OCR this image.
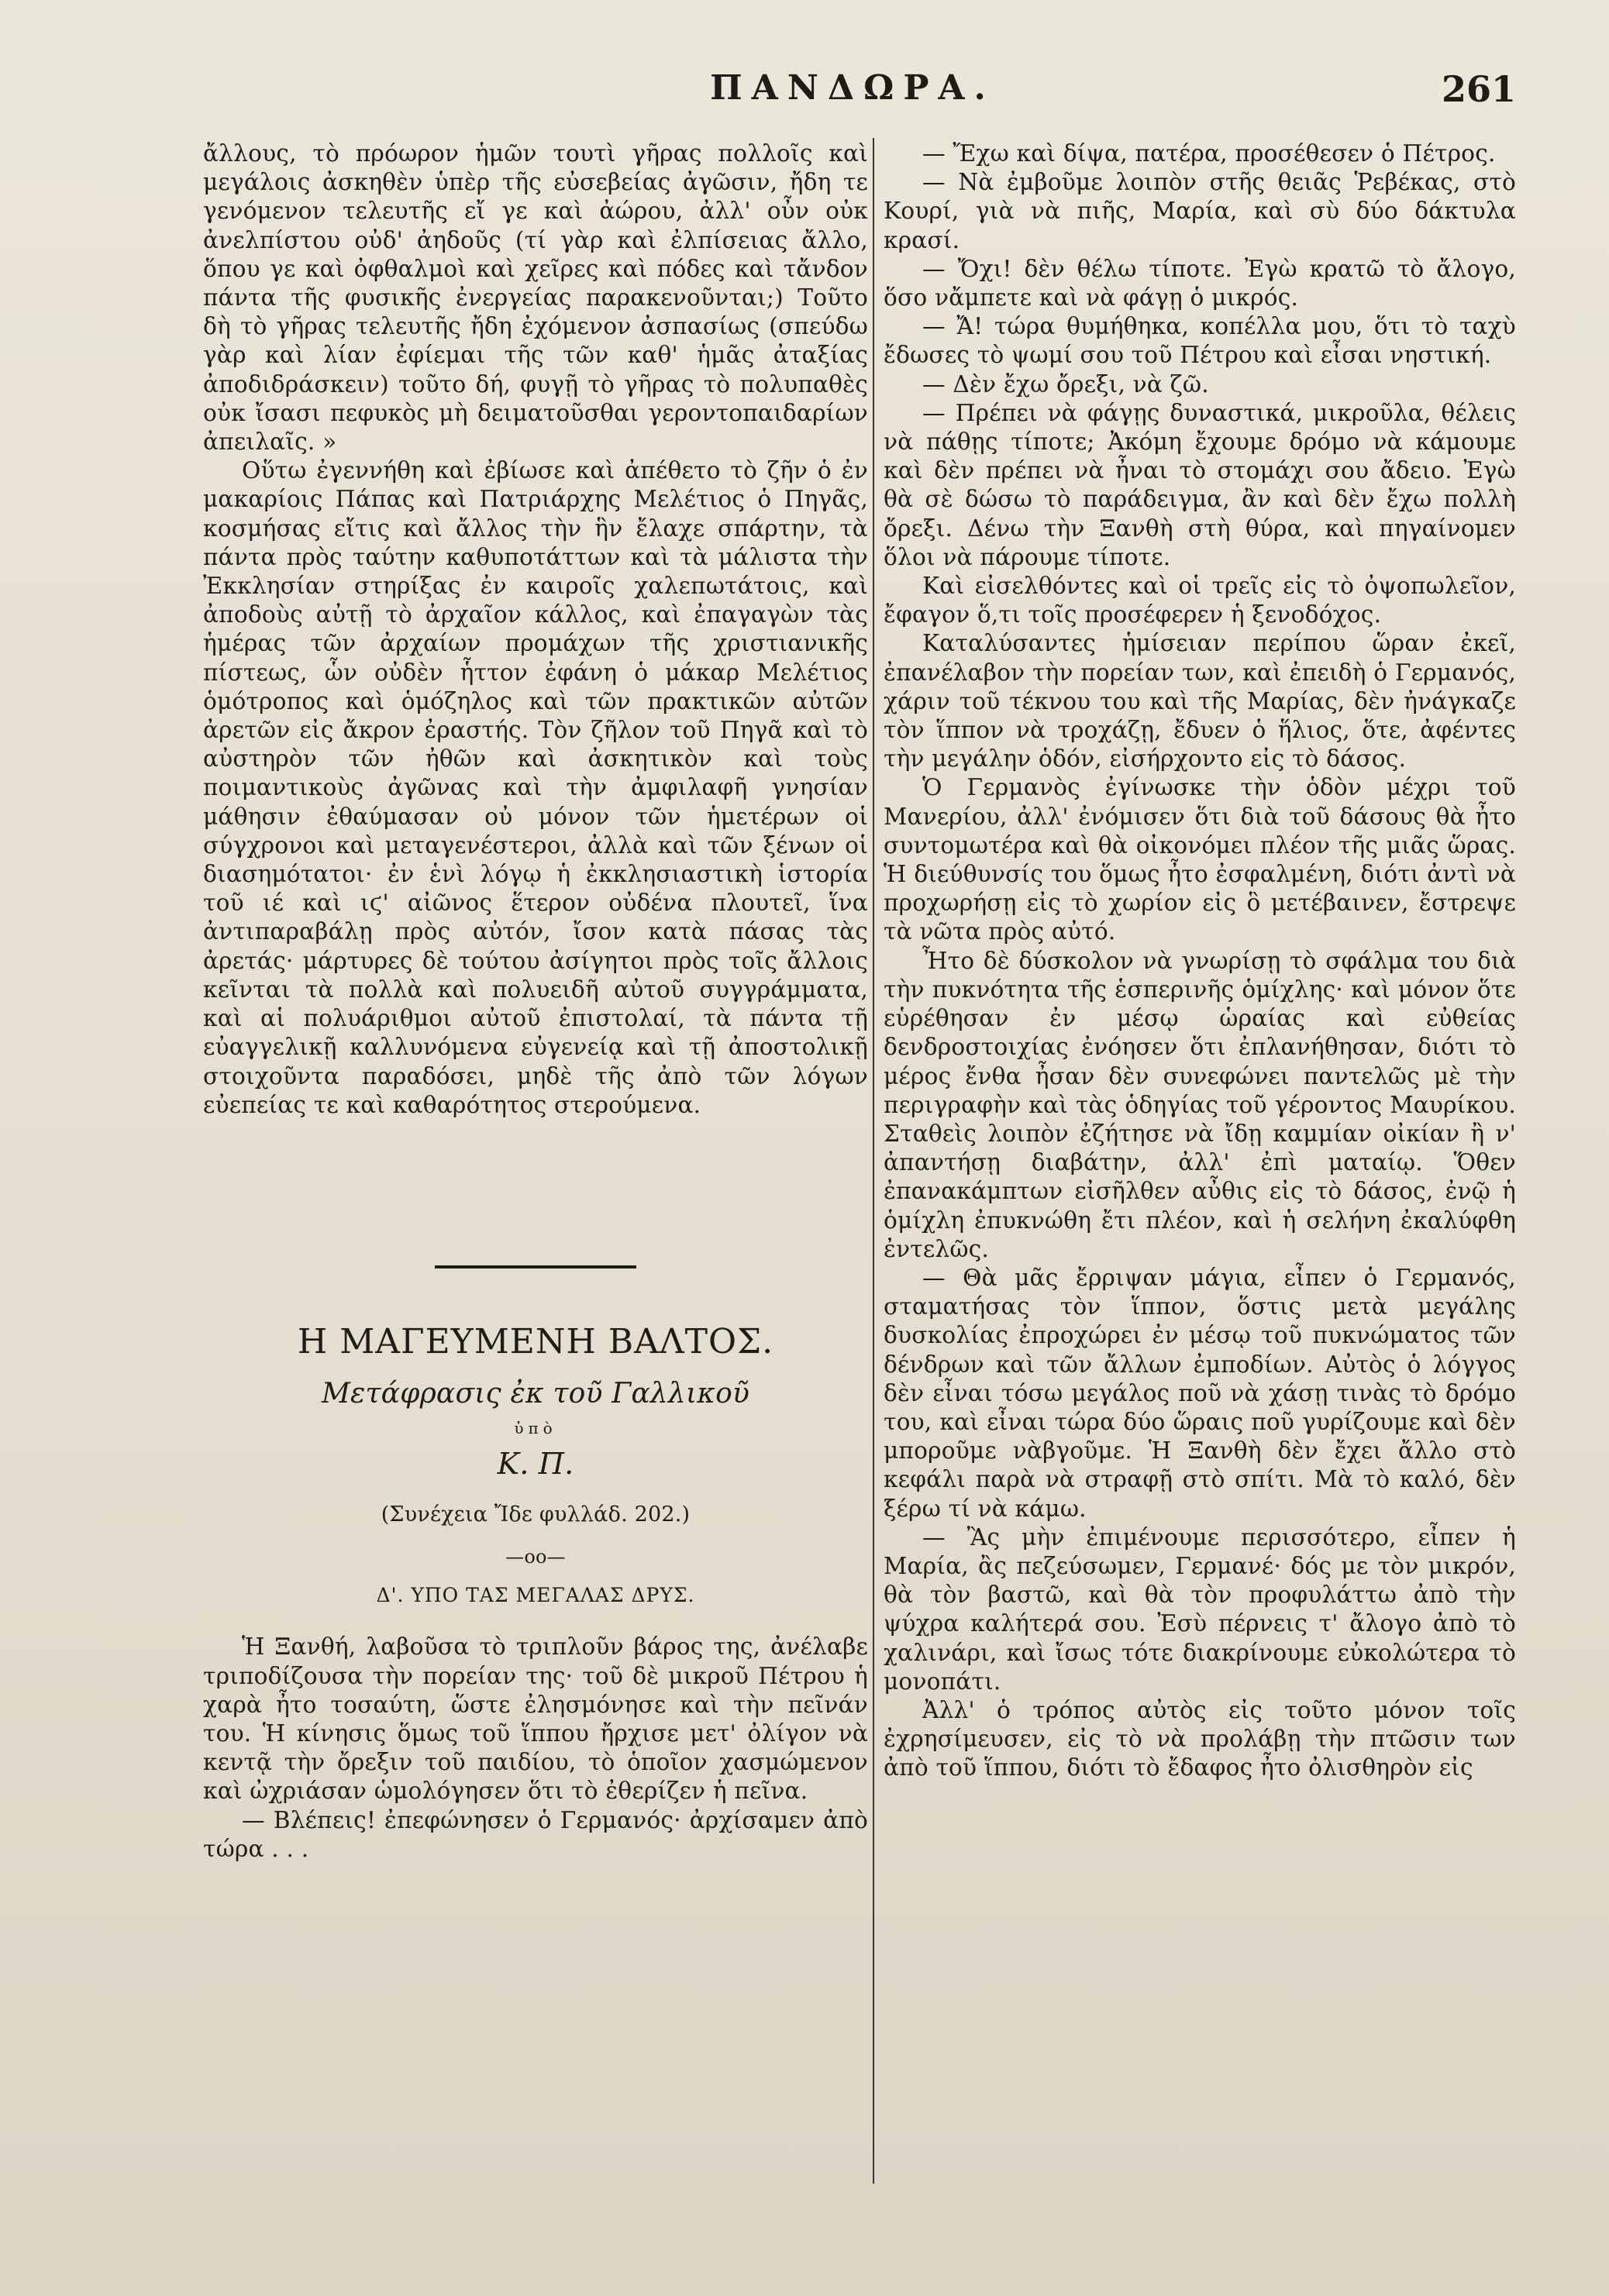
ΠΑΝΔΩΡΑ.	261

ἄλλους, τὸ πρόωρον ἡμῶν τουτὶ γῆρας πολλοῖς καὶ μεγάλοις ἀσκηθὲν ὑπὲρ τῆς εὐσεβείας ἀγῶσιν, ἤδη τε γενόμενον τελευτῆς εἴ γε καὶ ἀώρου, ἀλλ' οὖν οὐκ ἀνελπίστου οὐδ' ἀηδοῦς (τί γὰρ καὶ ἐλπίσειας ἄλλο, ὅπου γε καὶ ὀφθαλμοὶ καὶ χεῖρες καὶ πόδες καὶ τἄνδον πάντα τῆς φυσικῆς ἐνεργείας παρακενοῦνται;) Τοῦτο δὴ τὸ γῆρας τελευτῆς ἤδη ἐχόμενον ἀσπασίως (σπεύδω γὰρ καὶ λίαν ἐφίεμαι τῆς τῶν καθ' ἡμᾶς ἀταξίας ἀποδιδράσκειν) τοῦτο δή, φυγῇ τὸ γῆρας τὸ πολυπαθὲς οὐκ ἴσασι πεφυκὸς μὴ δειματοῦσθαι γεροντοπαιδαρίων ἀπειλαῖς. »

Οὕτω ἐγεννήθη καὶ ἐβίωσε καὶ ἀπέθετο τὸ ζῆν ὁ ἐν μακαρίοις Πάπας καὶ Πατριάρχης Μελέτιος ὁ Πηγᾶς, κοσμήσας εἴτις καὶ ἄλλος τὴν ἣν ἔλαχε σπάρτην, τὰ πάντα πρὸς ταύτην καθυποτάττων καὶ τὰ μάλιστα τὴν Ἐκκλησίαν στηρίξας ἐν καιροῖς χαλεπωτάτοις, καὶ ἀποδοὺς αὐτῇ τὸ ἀρχαῖον κάλλος, καὶ ἐπαγαγὼν τὰς ἡμέρας τῶν ἀρχαίων προμάχων τῆς χριστιανικῆς πίστεως, ὧν οὐδὲν ἧττον ἐφάνη ὁ μάκαρ Μελέτιος ὁμότροπος καὶ ὁμόζηλος καὶ τῶν πρακτικῶν αὐτῶν ἀρετῶν εἰς ἄκρον ἐραστής. Τὸν ζῆλον τοῦ Πηγᾶ καὶ τὸ αὐστηρὸν τῶν ἠθῶν καὶ ἀσκητικὸν καὶ τοὺς ποιμαντικοὺς ἀγῶνας καὶ τὴν ἀμφιλαφῆ γνησίαν μάθησιν ἐθαύμασαν οὐ μόνον τῶν ἡμετέρων οἱ σύγχρονοι καὶ μεταγενέστεροι, ἀλλὰ καὶ τῶν ξένων οἱ διασημότατοι· ἐν ἑνὶ λόγῳ ἡ ἐκκλησιαστικὴ ἱστορία τοῦ ιέ καὶ ιϛ' αἰῶνος ἕτερον οὐδένα πλουτεῖ, ἵνα ἀντιπαραβάλῃ πρὸς αὐτόν, ἴσον κατὰ πάσας τὰς ἀρετάς· μάρτυρες δὲ τούτου ἀσίγητοι πρὸς τοῖς ἄλλοις κεῖνται τὰ πολλὰ καὶ πολυειδῆ αὐτοῦ συγγράμματα, καὶ αἱ πολυάριθμοι αὐτοῦ ἐπιστολαί, τὰ πάντα τῇ εὐαγγελικῇ καλλυνόμενα εὐγενείᾳ καὶ τῇ ἀποστολικῇ στοιχοῦντα παραδόσει, μηδὲ τῆς ἀπὸ τῶν λόγων εὐεπείας τε καὶ καθαρότητος στερούμενα.

Η ΜΑΓΕΥΜΕΝΗ ΒΑΛΤΟΣ.
Μετάφρασις ἐκ τοῦ Γαλλικοῦ
ὑπὸ
Κ. Π.
(Συνέχεια Ἴδε φυλλάδ. 202.)
—οο—
Δ'. ΥΠΟ ΤΑΣ ΜΕΓΑΛΑΣ ΔΡΥΣ.

Ἡ Ξανθή, λαβοῦσα τὸ τριπλοῦν βάρος της, ἀνέλαβε τριποδίζουσα τὴν πορείαν της· τοῦ δὲ μικροῦ Πέτρου ἡ χαρὰ ἦτο τοσαύτη, ὥστε ἐλησμόνησε καὶ τὴν πεῖνάν του. Ἡ κίνησις ὅμως τοῦ ἵππου ἤρχισε μετ' ὀλίγον νὰ κεντᾷ τὴν ὄρεξιν τοῦ παιδίου, τὸ ὁποῖον χασμώμενον καὶ ὠχριάσαν ὡμολόγησεν ὅτι τὸ ἐθερίζεν ἡ πεῖνα.

— Βλέπεις! ἐπεφώνησεν ὁ Γερμανός· ἀρχίσαμεν ἀπὸ τώρα . . .

— Ἔχω καὶ δίψα, πατέρα, προσέθεσεν ὁ Πέτρος.

— Νὰ ἐμβοῦμε λοιπὸν στῆς θειᾶς Ῥεβέκας, στὸ Κουρί, γιὰ νὰ πιῆς, Μαρία, καὶ σὺ δύο δάκτυλα κρασί.

— Ὄχι! δὲν θέλω τίποτε. Ἐγὼ κρατῶ τὸ ἄλογο, ὅσο νἄμπετε καὶ νὰ φάγῃ ὁ μικρός.

— Ἄ! τώρα θυμήθηκα, κοπέλλα μου, ὅτι τὸ ταχὺ ἔδωσες τὸ ψωμί σου τοῦ Πέτρου καὶ εἶσαι νηστική.

— Δὲν ἔχω ὄρεξι, νὰ ζῶ.

— Πρέπει νὰ φάγῃς δυναστικά, μικροῦλα, θέλεις νὰ πάθῃς τίποτε; Ἀκόμη ἔχουμε δρόμο νὰ κάμουμε καὶ δὲν πρέπει νὰ ἦναι τὸ στομάχι σου ἄδειο. Ἐγὼ θὰ σὲ δώσω τὸ παράδειγμα, ἂν καὶ δὲν ἔχω πολλὴ ὄρεξι. Δένω τὴν Ξανθὴ στὴ θύρα, καὶ πηγαίνομεν ὅλοι νὰ πάρουμε τίποτε.

Καὶ εἰσελθόντες καὶ οἱ τρεῖς εἰς τὸ ὀψοπωλεῖον, ἔφαγον ὅ,τι τοῖς προσέφερεν ἡ ξενοδόχος.

Καταλύσαντες ἡμίσειαν περίπου ὥραν ἐκεῖ, ἐπανέλαβον τὴν πορείαν των, καὶ ἐπειδὴ ὁ Γερμανός, χάριν τοῦ τέκνου του καὶ τῆς Μαρίας, δὲν ἠνάγκαζε τὸν ἵππον νὰ τροχάζῃ, ἔδυεν ὁ ἥλιος, ὅτε, ἀφέντες τὴν μεγάλην ὁδόν, εἰσήρχοντο εἰς τὸ δάσος.

Ὁ Γερμανὸς ἐγίνωσκε τὴν ὁδὸν μέχρι τοῦ Μανερίου, ἀλλ' ἐνόμισεν ὅτι διὰ τοῦ δάσους θὰ ἦτο συντομωτέρα καὶ θὰ οἰκονόμει πλέον τῆς μιᾶς ὥρας. Ἡ διεύθυνσίς του ὅμως ἦτο ἐσφαλμένη, διότι ἀντὶ νὰ προχωρήσῃ εἰς τὸ χωρίον εἰς ὃ μετέβαινεν, ἔστρεψε τὰ νῶτα πρὸς αὐτό.

Ἦτο δὲ δύσκολον νὰ γνωρίσῃ τὸ σφάλμα του διὰ τὴν πυκνότητα τῆς ἑσπερινῆς ὁμίχλης· καὶ μόνον ὅτε εὑρέθησαν ἐν μέσῳ ὡραίας καὶ εὐθείας δενδροστοιχίας ἐνόησεν ὅτι ἐπλανήθησαν, διότι τὸ μέρος ἔνθα ἦσαν δὲν συνεφώνει παντελῶς μὲ τὴν περιγραφὴν καὶ τὰς ὁδηγίας τοῦ γέροντος Μαυρίκου. Σταθεὶς λοιπὸν ἐζήτησε νὰ ἴδῃ καμμίαν οἰκίαν ἢ ν' ἀπαντήσῃ διαβάτην, ἀλλ' ἐπὶ ματαίῳ. Ὅθεν ἐπανακάμπτων εἰσῆλθεν αὖθις εἰς τὸ δάσος, ἐνῷ ἡ ὁμίχλη ἐπυκνώθη ἔτι πλέον, καὶ ἡ σελήνη ἐκαλύφθη ἐντελῶς.

— Θὰ μᾶς ἔρριψαν μάγια, εἶπεν ὁ Γερμανός, σταματήσας τὸν ἵππον, ὅστις μετὰ μεγάλης δυσκολίας ἐπροχώρει ἐν μέσῳ τοῦ πυκνώματος τῶν δένδρων καὶ τῶν ἄλλων ἐμποδίων. Αὐτὸς ὁ λόγγος δὲν εἶναι τόσω μεγάλος ποῦ νὰ χάσῃ τινὰς τὸ δρόμο του, καὶ εἶναι τώρα δύο ὥραις ποῦ γυρίζουμε καὶ δὲν μποροῦμε νὰβγοῦμε. Ἡ Ξανθὴ δὲν ἔχει ἄλλο στὸ κεφάλι παρὰ νὰ στραφῇ στὸ σπίτι. Μὰ τὸ καλό, δὲν ξέρω τί νὰ κάμω.

— Ἂς μὴν ἐπιμένουμε περισσότερο, εἶπεν ἡ Μαρία, ἂς πεζεύσωμεν, Γερμανέ· δός με τὸν μικρόν, θὰ τὸν βαστῶ, καὶ θὰ τὸν προφυλάττω ἀπὸ τὴν ψύχρα καλήτερά σου. Ἐσὺ πέρνεις τ' ἄλογο ἀπὸ τὸ χαλινάρι, καὶ ἴσως τότε διακρίνουμε εὐκολώτερα τὸ μονοπάτι.

Ἀλλ' ὁ τρόπος αὐτὸς εἰς τοῦτο μόνον τοῖς ἐχρησίμευσεν, εἰς τὸ νὰ προλάβῃ τὴν πτῶσιν των ἀπὸ τοῦ ἵππου, διότι τὸ ἔδαφος ἦτο ὀλισθηρὸν εἰς
